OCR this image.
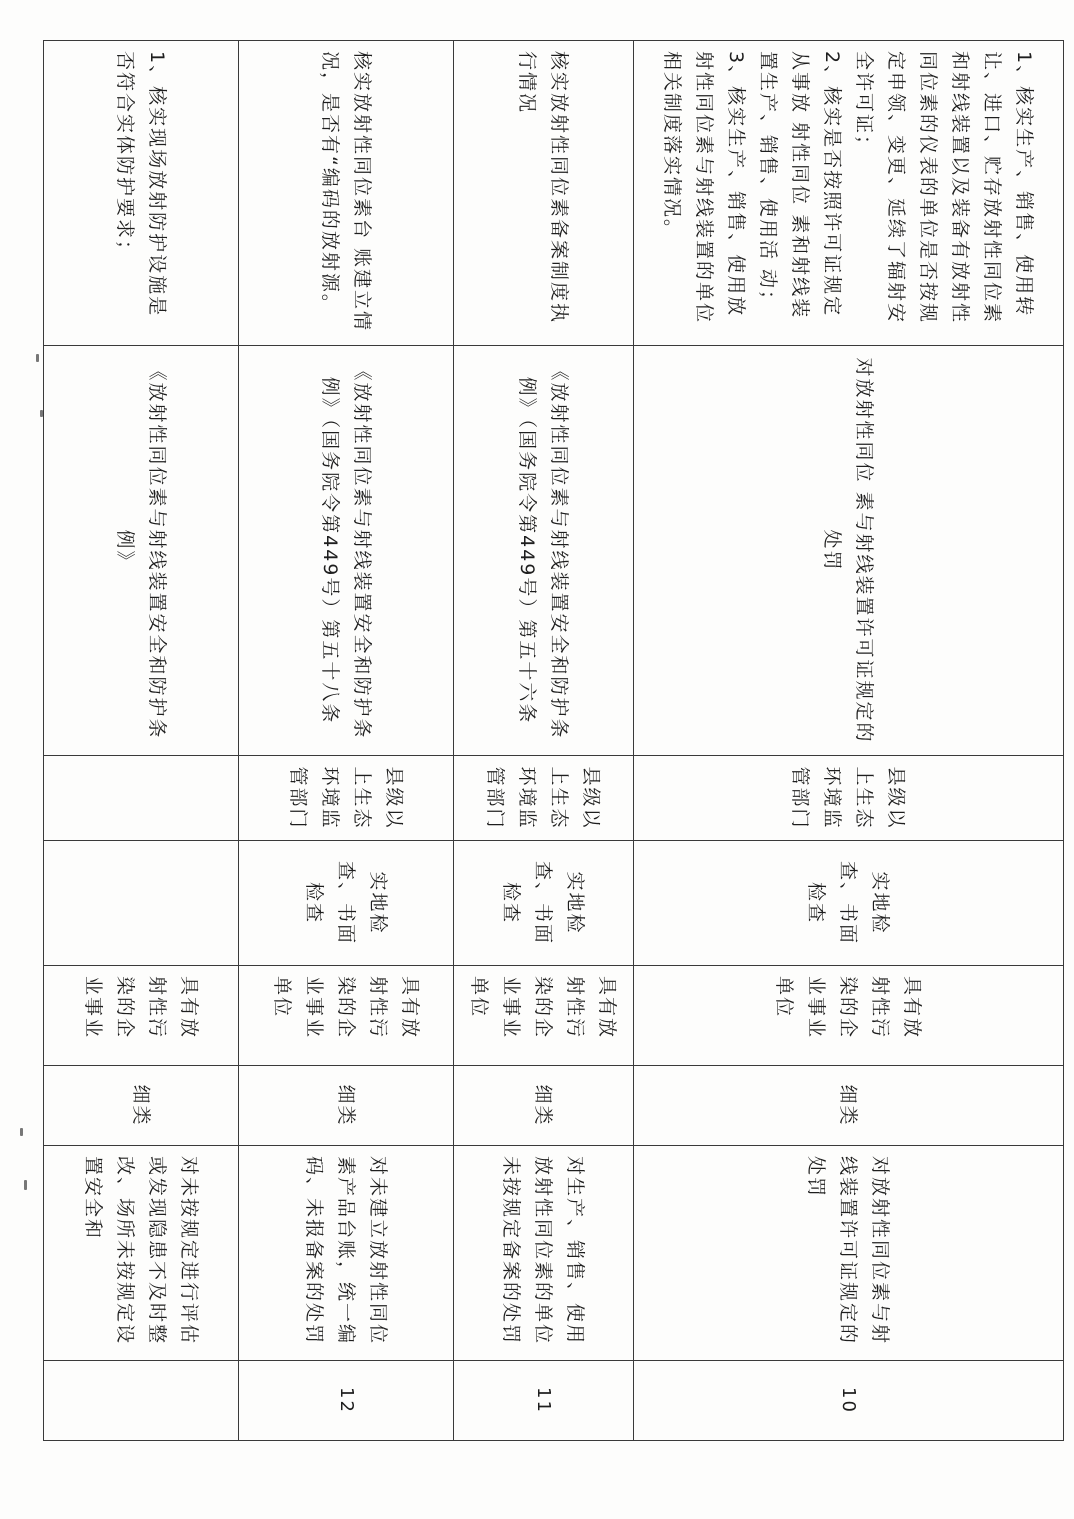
1、核实生产、销售、使用转让、进口、贮存放射性同位素和射线装置以及装备有放射性同位素的仪表的单位是否按规定申领、变更、延续了辐射安全许可证；
2、核实是否按照许可证规定从事放 射性同位 素和射线装置生产、销售、使用活 动；
3、核实生产、销售、使用放射性同位素与射线装置的单位相关制度落实情况。	对放射性同位 素与射线装置许可证规定的处罚	县级以上生态环境监管部门	实地检查、书面检查	具有放射性污染的企业事业单位	细类	对放射性同位素与射线装置许可证规定的处罚	10
核实放射性同位素备案制度执行情况	《放射性同位素与射线装置安全和防护条例》（国务院令第449号）第五十六条	县级以上生态环境监管部门	实地检查、书面检查	具有放射性污染的企业事业单位	细类	对生产、销售、使用放射性同位素的单位未按规定备案的处罚	11
核实放射性同位素台 账建立情况，是否有“编码的放射源。	《放射性同位素与射线装置安全和防护条例》（国务院令第449号）第五十八条	县级以上生态环境监管部门	实地检查、书面检查	具有放 射性污染的企业事业单位	细类	对未建立放射性同位素产品台账，统一编码、未报备案的处罚	12
1、核实现场放射防护设施是否符合实体防护要求；	《放射性同位素与射线装置安全和防护条例》			具有放射性污染的企业事业	细类	对未按规定进行评估或发现隐患不及时整改、场所未按规定设置安全和	
